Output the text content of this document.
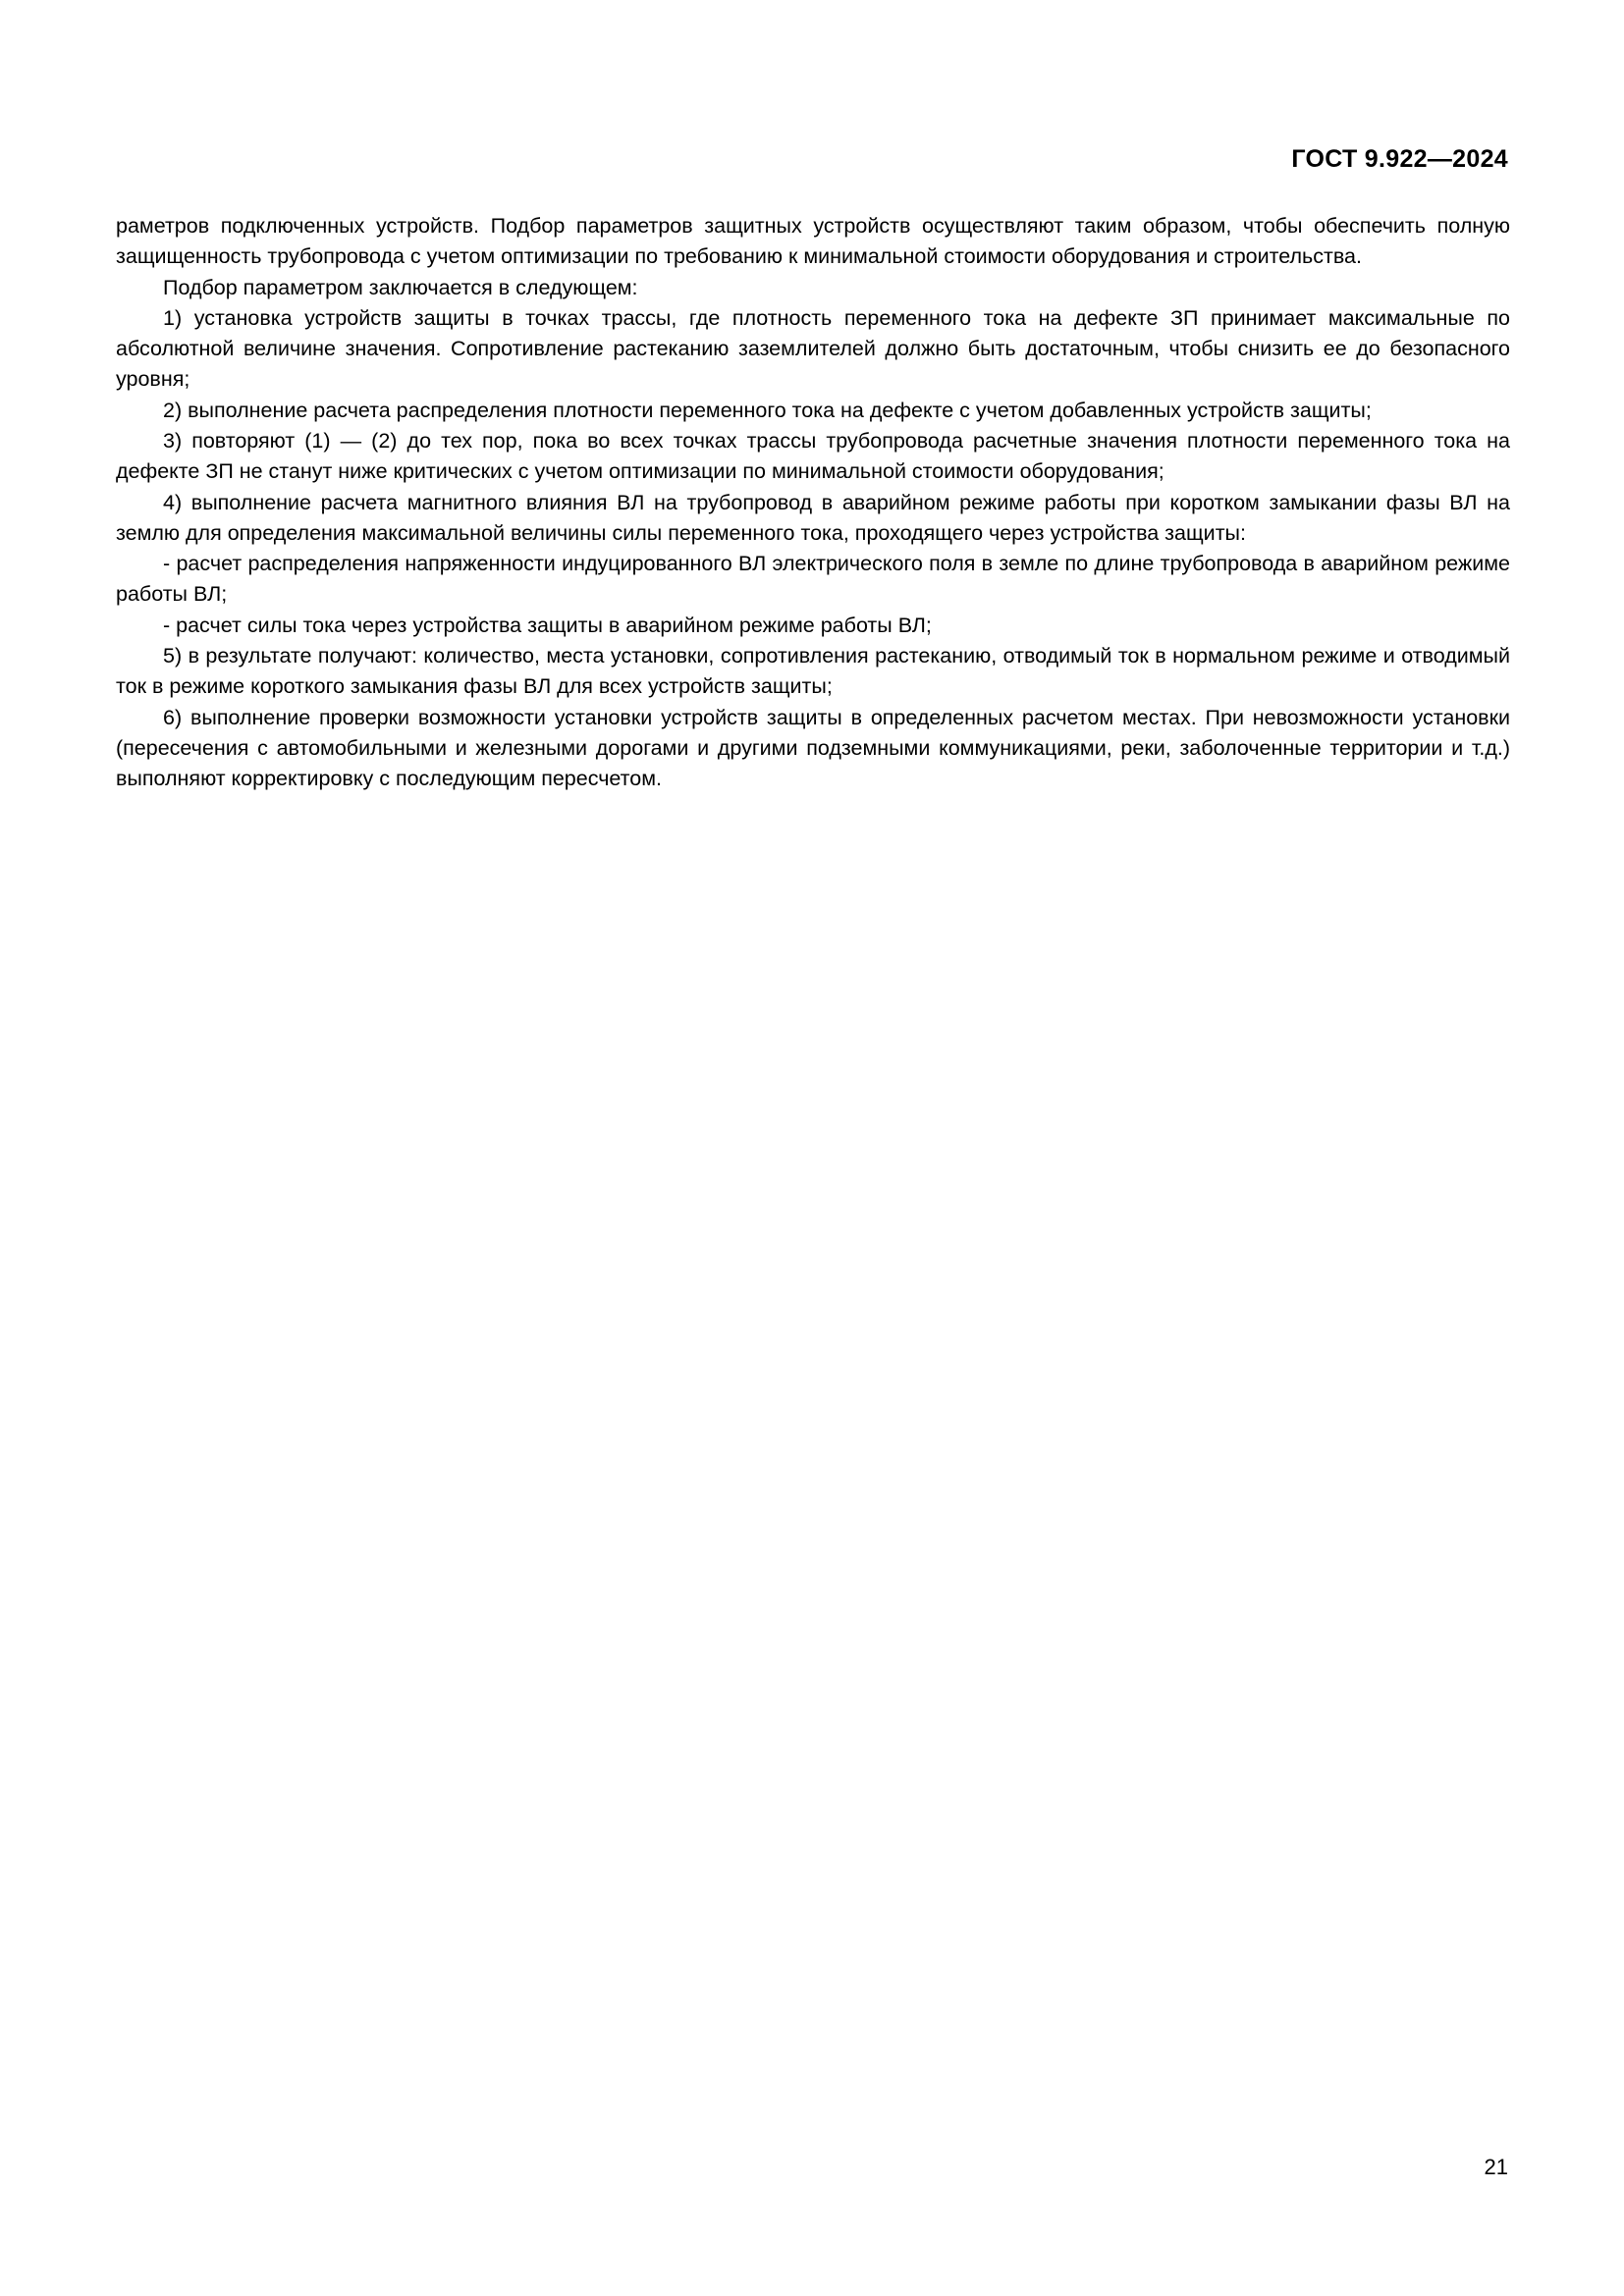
ГОСТ 9.922—2024

раметров подключенных устройств. Подбор параметров защитных устройств осуществляют таким образом, чтобы обеспечить полную защищенность трубопровода с учетом оптимизации по требованию к минимальной стоимости оборудования и строительства.

Подбор параметром заключается в следующем:

1) установка устройств защиты в точках трассы, где плотность переменного тока на дефекте ЗП принимает максимальные по абсолютной величине значения. Сопротивление растеканию заземлителей должно быть достаточным, чтобы снизить ее до безопасного уровня;

2) выполнение расчета распределения плотности переменного тока на дефекте с учетом добавленных устройств защиты;

3) повторяют (1) — (2) до тех пор, пока во всех точках трассы трубопровода расчетные значения плотности переменного тока на дефекте ЗП не станут ниже критических с учетом оптимизации по минимальной стоимости оборудования;

4) выполнение расчета магнитного влияния ВЛ на трубопровод в аварийном режиме работы при коротком замыкании фазы ВЛ на землю для определения максимальной величины силы переменного тока, проходящего через устройства защиты:

- расчет распределения напряженности индуцированного ВЛ электрического поля в земле по длине трубопровода в аварийном режиме работы ВЛ;

- расчет силы тока через устройства защиты в аварийном режиме работы ВЛ;

5) в результате получают: количество, места установки, сопротивления растеканию, отводимый ток в нормальном режиме и отводимый ток в режиме короткого замыкания фазы ВЛ для всех устройств защиты;

6) выполнение проверки возможности установки устройств защиты в определенных расчетом местах. При невозможности установки (пересечения с автомобильными и железными дорогами и другими подземными коммуникациями, реки, заболоченные территории и т.д.) выполняют корректировку с последующим пересчетом.

21
